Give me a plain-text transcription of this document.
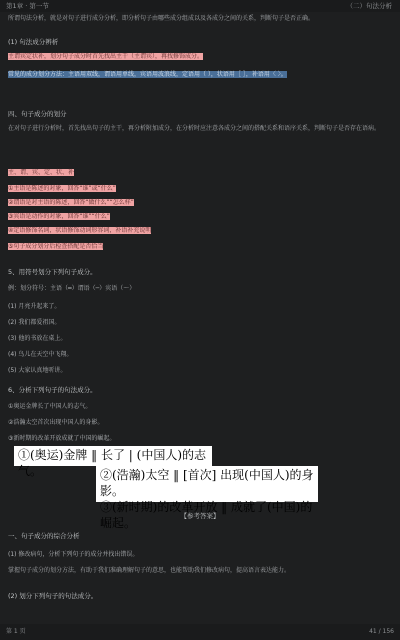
第1章 · 第一节	（二）句法分析
所谓句法分析，就是对句子进行成分分析，即分析句子由哪些成分组成以及各成分之间的关系，判断句子是否正确。
(1) 句法成分辨析
主谓宾定状补，划分句子成分时首先找出主干（主谓宾），再找修饰成分。
常见的成分划分方法：主语用双线，谓语用单线，宾语用波浪线，定语用（ ），状语用［ ］，补语用〈 〉。
四、句子成分的划分
在对句子进行分析时，首先找出句子的主干，再分析附加成分，在分析时应注意各成分之间的搭配关系和语序关系，判断句子是否存在语病。
主、谓、宾、定、状、补
①主语是陈述的对象，回答“谁”或“什么”
②谓语是对主语的陈述，回答“做什么”“怎么样”
③宾语是动作的对象，回答“谁”“什么”
④定语修饰名词，状语修饰动词形容词，补语补充说明
⑤句子成分划分后检查搭配是否恰当
5、用符号划分下列句子成分。
例：划分符号：主语（═）谓语（─）宾语（～）
(1) 月亮升起来了。
(2) 我们都爱祖国。
(3) 他的书放在桌上。
(4) 鸟儿在天空中飞翔。
(5) 大家认真地听讲。
6、分析下列句子的句法成分。
①奥运金牌长了中国人的志气。
②浩瀚太空首次出现中国人的身影。
③新时期的改革开放成就了中国的崛起。
①(奥运)金牌 ‖ 长了 | (中国人)的志气。	②(浩瀚)太空 ‖ [首次] 出现(中国人)的身影。
③(新时期)的改革开放 ‖ 成就了(中国)的崛起。	【参考答案】
一、句子成分的综合分析
(1) 修改病句，分析下列句子的成分并找出错误。
掌握句子成分的划分方法，有助于我们准确理解句子的意思，也能帮助我们修改病句，提高语言表达能力。
(2) 划分下列句子的句法成分。
第 1 页	41 / 156
